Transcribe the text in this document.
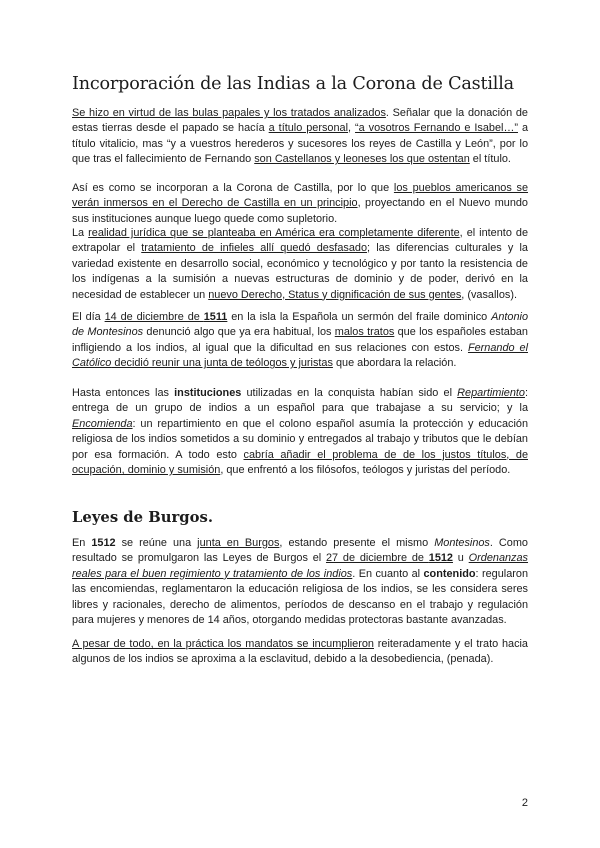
Incorporación de las Indias a la Corona de Castilla

Se hizo en virtud de las bulas papales y los tratados analizados. Señalar que la donación de estas tierras desde el papado se hacía a título personal, “a vosotros Fernando e Isabel…” a título vitalicio, mas “y a vuestros herederos y sucesores los reyes de Castilla y León”, por lo que tras el fallecimiento de Fernando son Castellanos y leoneses los que ostentan el título.

Así es como se incorporan a la Corona de Castilla, por lo que los pueblos americanos se verán inmersos en el Derecho de Castilla en un principio, proyectando en el Nuevo mundo sus instituciones aunque luego quede como supletorio.

La realidad jurídica que se planteaba en América era completamente diferente, el intento de extrapolar el tratamiento de infieles allí quedó desfasado; las diferencias culturales y la variedad existente en desarrollo social, económico y tecnológico y por tanto la resistencia de los indígenas a la sumisión a nuevas estructuras de dominio y de poder, derivó en la necesidad de establecer un nuevo Derecho, Status y dignificación de sus gentes, (vasallos).

El día 14 de diciembre de 1511 en la isla la Española un sermón del fraile dominico Antonio de Montesinos denunció algo que ya era habitual, los malos tratos que los españoles estaban infligiendo a los indios, al igual que la dificultad en sus relaciones con estos. Fernando el Católico decidió reunir una junta de teólogos y juristas que abordara la relación.

Hasta entonces las instituciones utilizadas en la conquista habían sido el Repartimiento: entrega de un grupo de indios a un español para que trabajase a su servicio; y la Encomienda: un repartimiento en que el colono español asumía la protección y educación religiosa de los indios sometidos a su dominio y entregados al trabajo y tributos que le debían por esa formación. A todo esto cabría añadir el problema de de los justos títulos, de ocupación, dominio y sumisión, que enfrentó a los filósofos, teólogos y juristas del período.

Leyes de Burgos.

En 1512 se reúne una junta en Burgos, estando presente el mismo Montesinos. Como resultado se promulgaron las Leyes de Burgos el 27 de diciembre de 1512 u Ordenanzas reales para el buen regimiento y tratamiento de los indios. En cuanto al contenido: regularon las encomiendas, reglamentaron la educación religiosa de los indios, se les considera seres libres y racionales, derecho de alimentos, períodos de descanso en el trabajo y regulación para mujeres y menores de 14 años, otorgando medidas protectoras bastante avanzadas.

A pesar de todo, en la práctica los mandatos se incumplieron reiteradamente y el trato hacia algunos de los indios se aproxima a la esclavitud, debido a la desobediencia, (penada).

2
